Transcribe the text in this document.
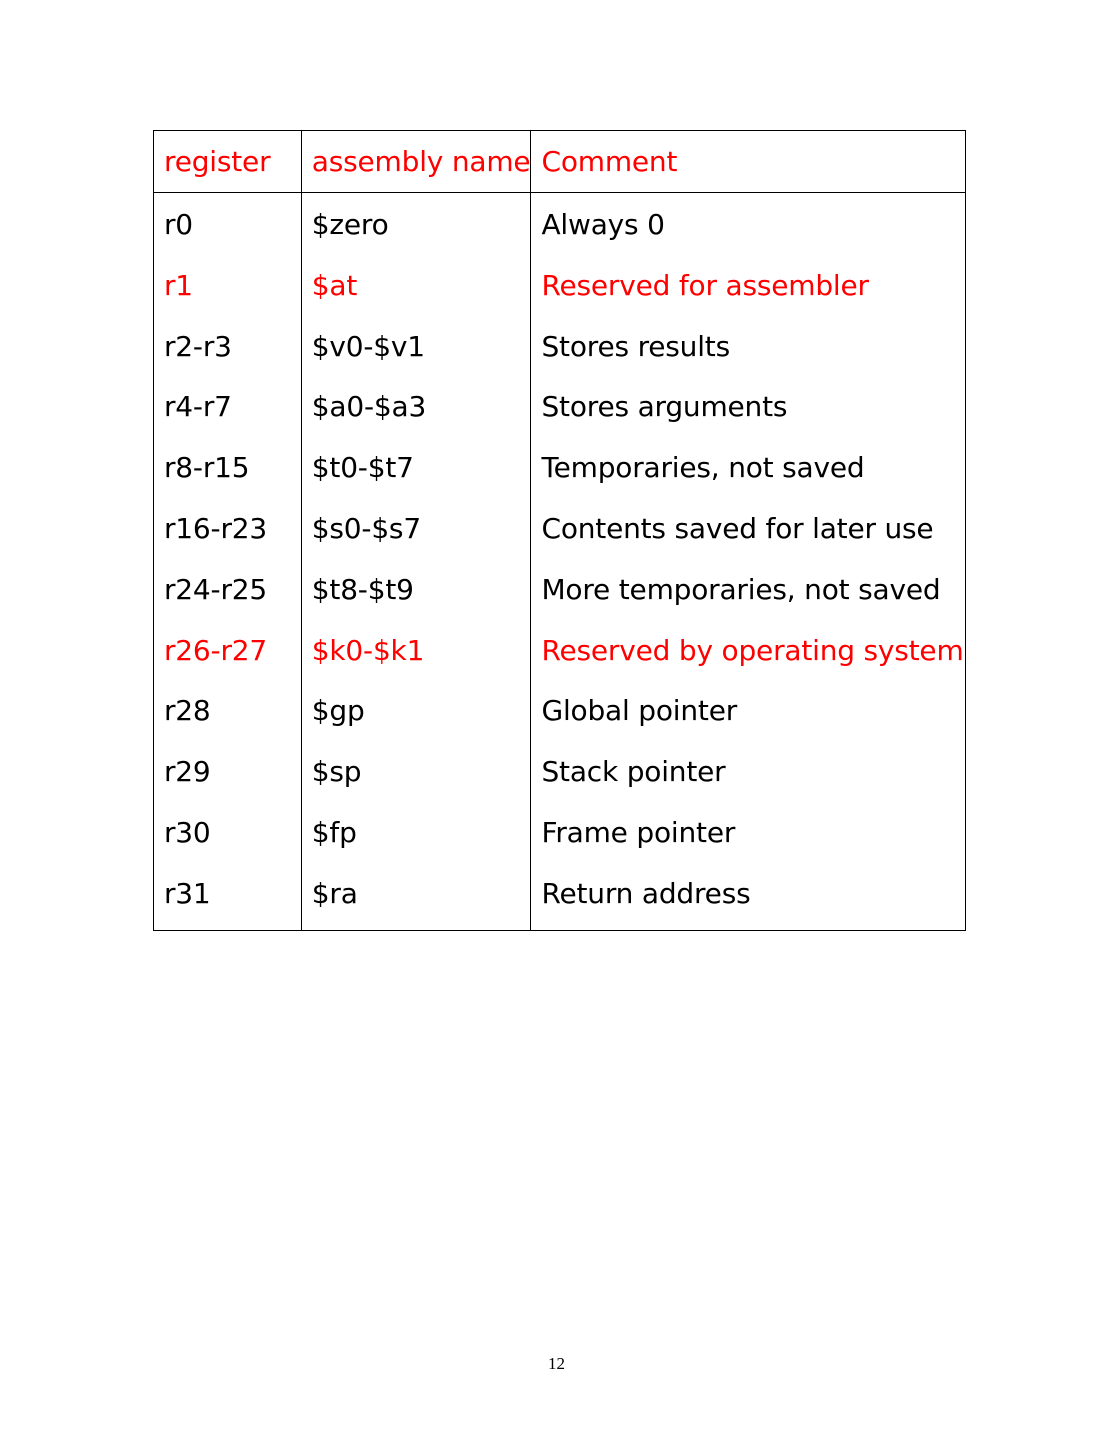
register	assembly name	Comment
r0	$zero	Always 0
r1	$at	Reserved for assembler
r2-r3	$v0-$v1	Stores results
r4-r7	$a0-$a3	Stores arguments
r8-r15	$t0-$t7	Temporaries, not saved
r16-r23	$s0-$s7	Contents saved for later use
r24-r25	$t8-$t9	More temporaries, not saved
r26-r27	$k0-$k1	Reserved by operating system
r28	$gp	Global pointer
r29	$sp	Stack pointer
r30	$fp	Frame pointer
r31	$ra	Return address
12
